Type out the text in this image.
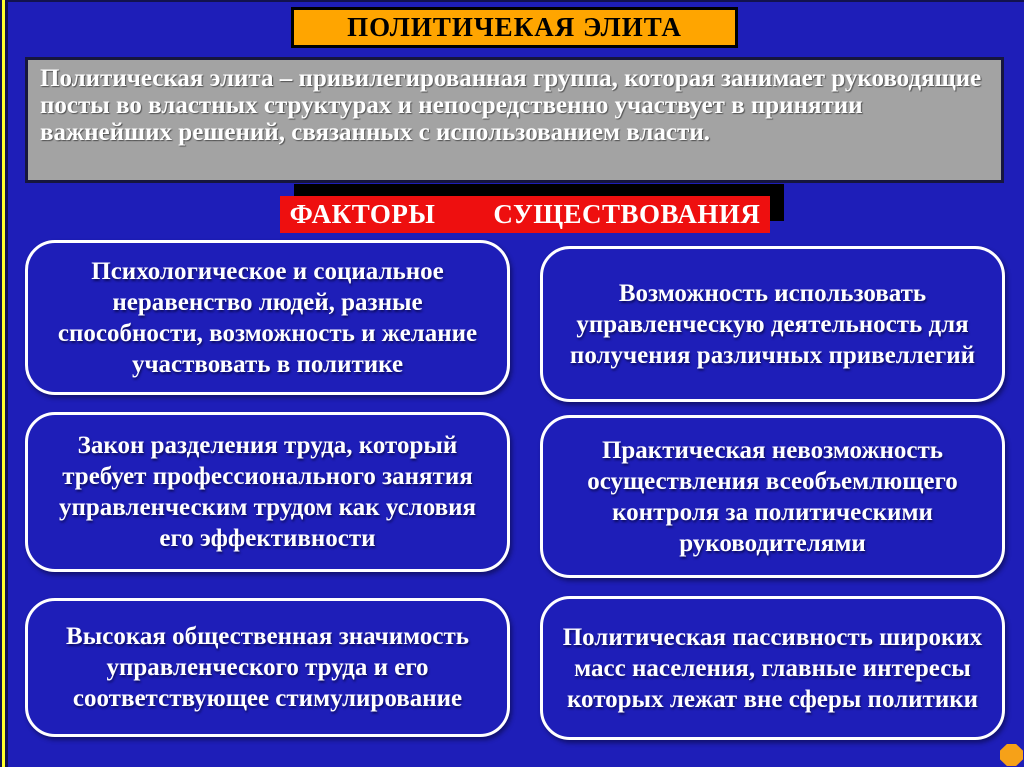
ПОЛИТИЧЕКАЯ ЭЛИТА
Политическая элита – привилегированная группа, которая занимает руководящие посты во властных структурах и непосредственно участвует в принятии важнейших решений, связанных с использованием власти.
ФАКТОРЫ СУЩЕСТВОВАНИЯ
Психологическое и социальное неравенство людей, разные способности, возможность и желание участвовать в политике
Возможность использовать управленческую деятельность для получения различных привеллегий
Закон разделения труда, который требует профессионального занятия управленческим трудом как условия его эффективности
Практическая невозможность осуществления всеобъемлющего контроля за политическими руководителями
Высокая общественная значимость управленческого труда и его соответствующее стимулирование
Политическая пассивность широких масс населения, главные интересы которых лежат вне сферы политики
